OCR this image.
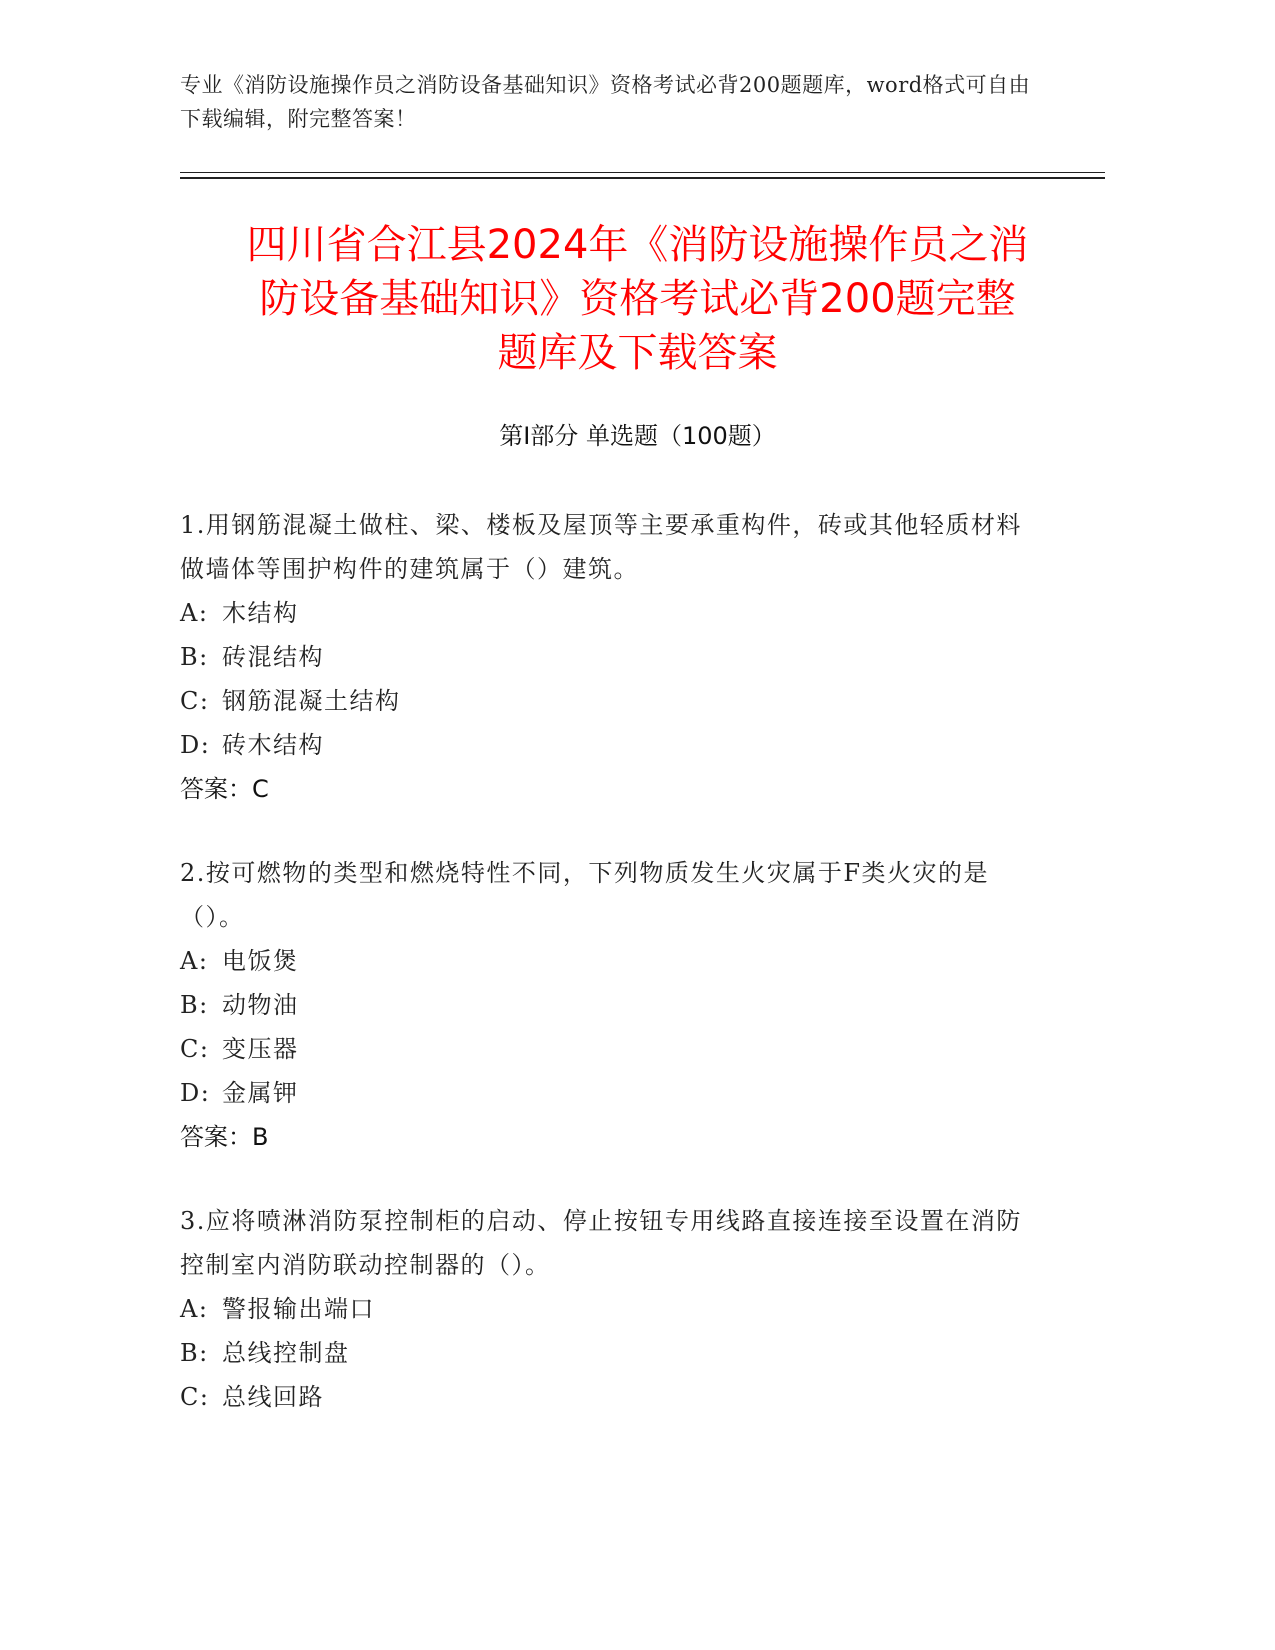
专业《消防设施操作员之消防设备基础知识》资格考试必背200题题库，word格式可自由下载编辑，附完整答案！
四川省合江县2024年《消防设施操作员之消
防设备基础知识》资格考试必背200题完整
题库及下载答案
第Ⅰ部分 单选题（100题）
1.用钢筋混凝土做柱、梁、楼板及屋顶等主要承重构件，砖或其他轻质材料做墙体等围护构件的建筑属于（）建筑。
A: 木结构
B: 砖混结构
C: 钢筋混凝土结构
D: 砖木结构
答案：C
2.按可燃物的类型和燃烧特性不同，下列物质发生火灾属于F类火灾的是（）。
A: 电饭煲
B: 动物油
C: 变压器
D: 金属钾
答案：B
3.应将喷淋消防泵控制柜的启动、停止按钮专用线路直接连接至设置在消防控制室内消防联动控制器的（）。
A: 警报输出端口
B: 总线控制盘
C: 总线回路
